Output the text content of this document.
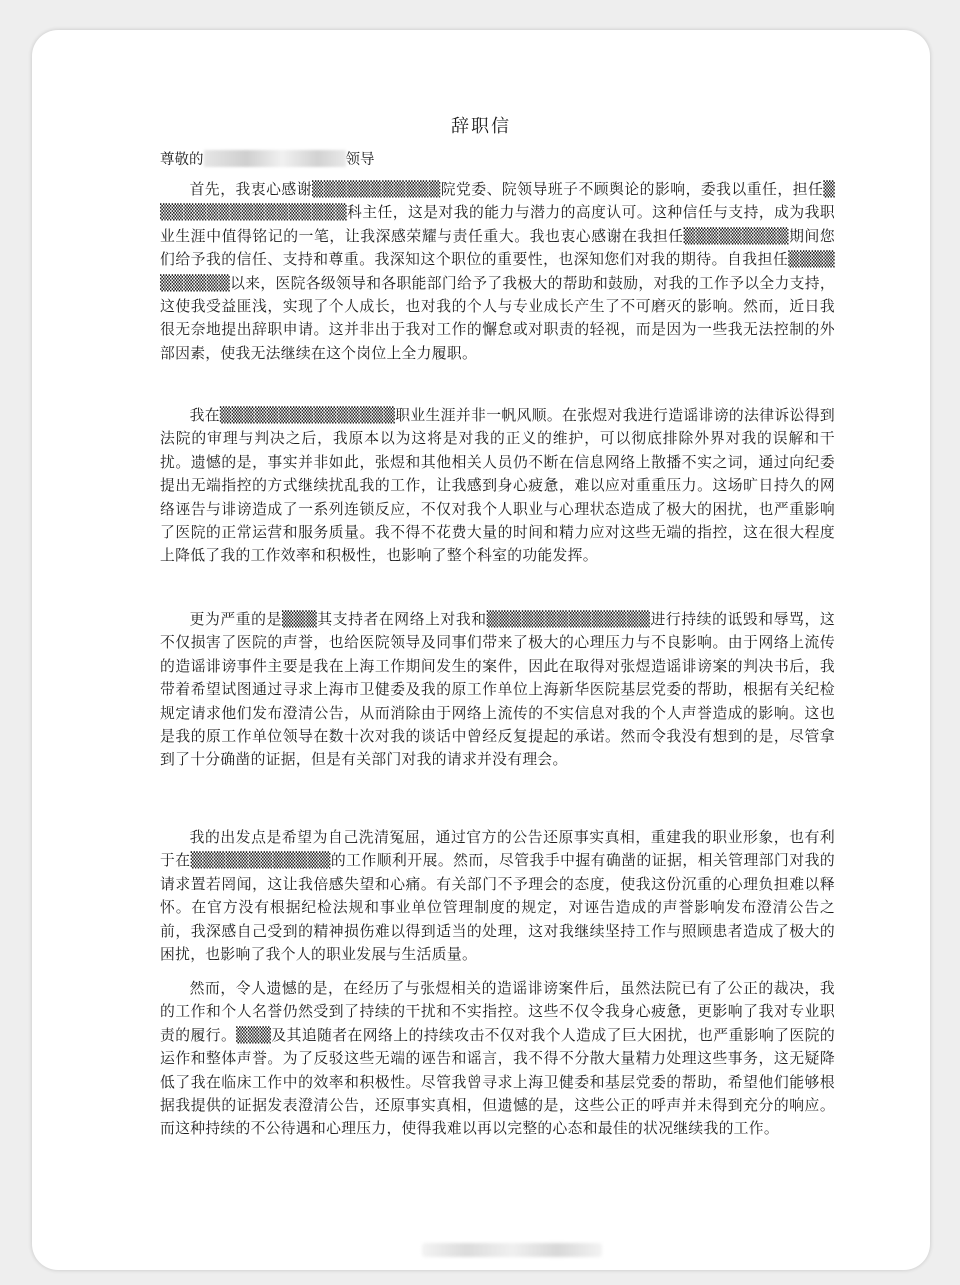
辞职信
尊敬的	领导

首先，我衷心感谢▒▒▒▒▒▒▒▒▒▒▒院党委、院领导班子不顾舆论的影响，委我以重任，担任▒▒▒▒▒▒▒▒▒▒▒▒▒▒▒▒▒科主任，这是对我的能力与潜力的高度认可。这种信任与支持，成为我职业生涯中值得铭记的一笔，让我深感荣耀与责任重大。我也衷心感谢在我担任▒▒▒▒▒▒▒▒▒期间您们给予我的信任、支持和尊重。我深知这个职位的重要性，也深知您们对我的期待。自我担任▒▒▒▒▒▒▒▒▒▒以来，医院各级领导和各职能部门给予了我极大的帮助和鼓励，对我的工作予以全力支持，这使我受益匪浅，实现了个人成长，也对我的个人与专业成长产生了不可磨灭的影响。然而，近日我很无奈地提出辞职申请。这并非出于我对工作的懈怠或对职责的轻视，而是因为一些我无法控制的外部因素，使我无法继续在这个岗位上全力履职。

我在▒▒▒▒▒▒▒▒▒▒▒▒▒▒▒职业生涯并非一帆风顺。在张煜对我进行造谣诽谤的法律诉讼得到法院的审理与判决之后，我原本以为这将是对我的正义的维护，可以彻底排除外界对我的误解和干扰。遗憾的是，事实并非如此，张煜和其他相关人员仍不断在信息网络上散播不实之词，通过向纪委提出无端指控的方式继续扰乱我的工作，让我感到身心疲惫，难以应对重重压力。这场旷日持久的网络诬告与诽谤造成了一系列连锁反应，不仅对我个人职业与心理状态造成了极大的困扰，也严重影响了医院的正常运营和服务质量。我不得不花费大量的时间和精力应对这些无端的指控，这在很大程度上降低了我的工作效率和积极性，也影响了整个科室的功能发挥。

更为严重的是▒▒▒其支持者在网络上对我和▒▒▒▒▒▒▒▒▒▒▒▒▒▒进行持续的诋毁和辱骂，这不仅损害了医院的声誉，也给医院领导及同事们带来了极大的心理压力与不良影响。由于网络上流传的造谣诽谤事件主要是我在上海工作期间发生的案件，因此在取得对张煜造谣诽谤案的判决书后，我带着希望试图通过寻求上海市卫健委及我的原工作单位上海新华医院基层党委的帮助，根据有关纪检规定请求他们发布澄清公告，从而消除由于网络上流传的不实信息对我的个人声誉造成的影响。这也是我的原工作单位领导在数十次对我的谈话中曾经反复提起的承诺。然而令我没有想到的是，尽管拿到了十分确凿的证据，但是有关部门对我的请求并没有理会。

我的出发点是希望为自己洗清冤屈，通过官方的公告还原事实真相，重建我的职业形象，也有利于在▒▒▒▒▒▒▒▒▒▒▒▒的工作顺利开展。然而，尽管我手中握有确凿的证据，相关管理部门对我的请求置若罔闻，这让我倍感失望和心痛。有关部门不予理会的态度，使我这份沉重的心理负担难以释怀。在官方没有根据纪检法规和事业单位管理制度的规定，对诬告造成的声誉影响发布澄清公告之前，我深感自己受到的精神损伤难以得到适当的处理，这对我继续坚持工作与照顾患者造成了极大的困扰，也影响了我个人的职业发展与生活质量。

然而，令人遗憾的是，在经历了与张煜相关的造谣诽谤案件后，虽然法院已有了公正的裁决，我的工作和个人名誉仍然受到了持续的干扰和不实指控。这些不仅令我身心疲惫，更影响了我对专业职责的履行。▒▒▒及其追随者在网络上的持续攻击不仅对我个人造成了巨大困扰，也严重影响了医院的运作和整体声誉。为了反驳这些无端的诬告和谣言，我不得不分散大量精力处理这些事务，这无疑降低了我在临床工作中的效率和积极性。尽管我曾寻求上海卫健委和基层党委的帮助，希望他们能够根据我提供的证据发表澄清公告，还原事实真相，但遗憾的是，这些公正的呼声并未得到充分的响应。而这种持续的不公待遇和心理压力，使得我难以再以完整的心态和最佳的状况继续我的工作。
